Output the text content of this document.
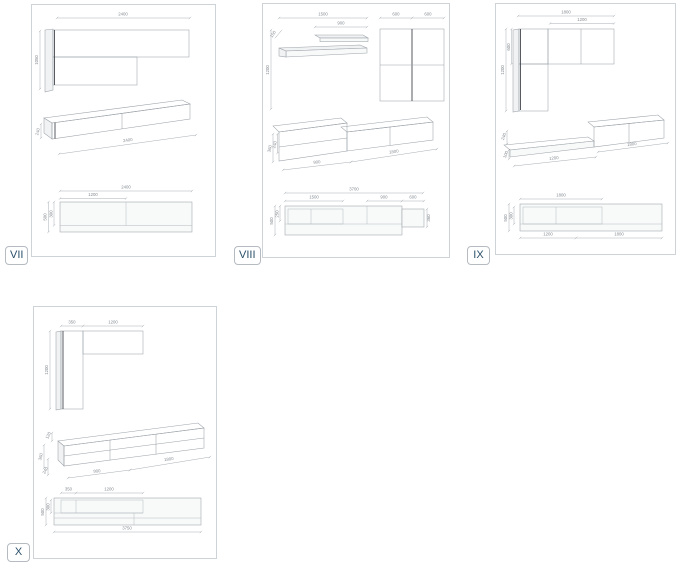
2400
1050
240
2400
2400
1200
500 300
1500
900
150
1200
600	600
360
240
900
1800
3700
1500	900	600
360
500
250
1800
1200
1200
600
240
100	1200
1800
1800
500 300
1200	1800
350	1200
1200
120
360
240	900
1800
350	1200
500
300
3750
VII	VIII	IX
X
